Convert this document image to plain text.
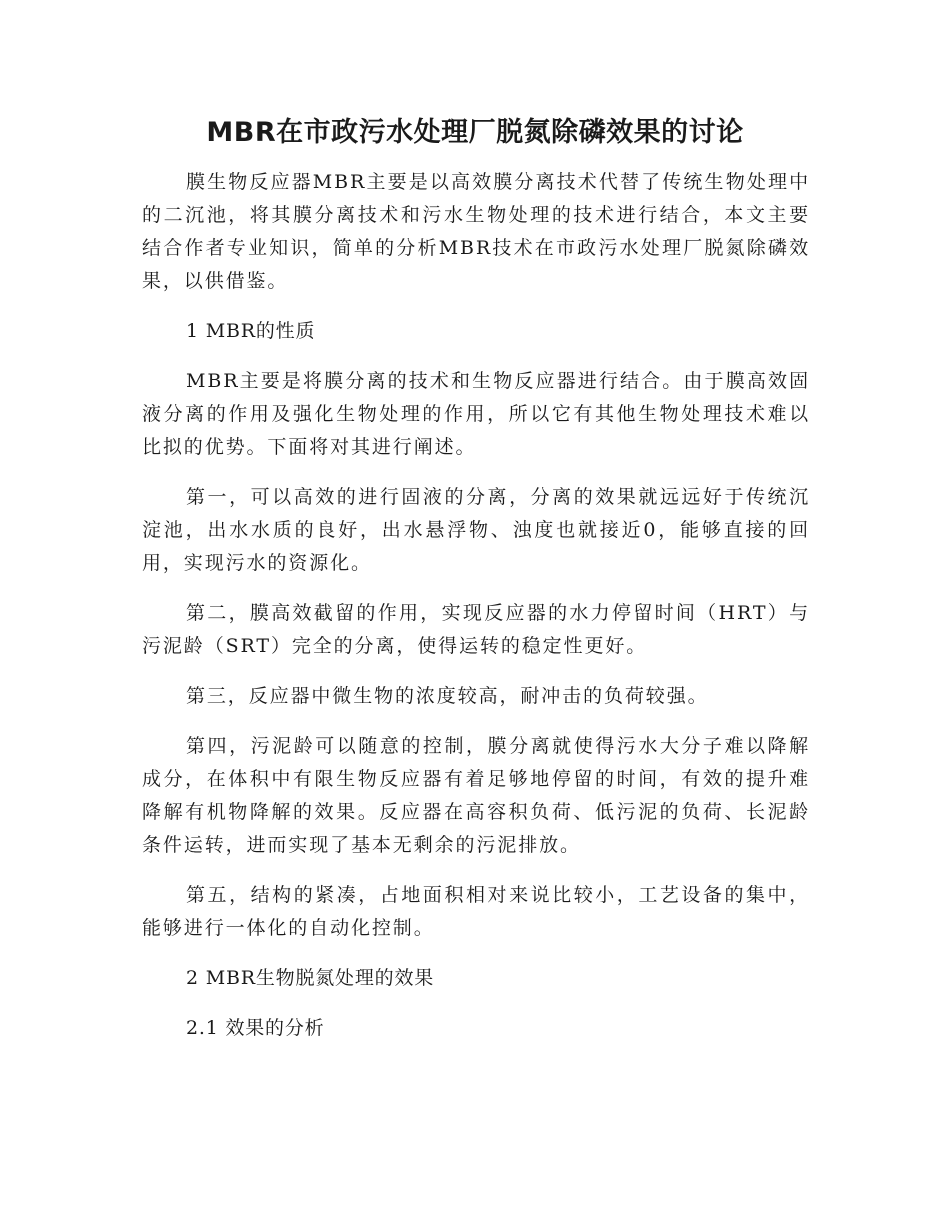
MBR在市政污水处理厂脱氮除磷效果的讨论

膜生物反应器MBR主要是以高效膜分离技术代替了传统生物处理中的二沉池，将其膜分离技术和污水生物处理的技术进行结合，本文主要结合作者专业知识，简单的分析MBR技术在市政污水处理厂脱氮除磷效果，以供借鉴。

1 MBR的性质

MBR主要是将膜分离的技术和生物反应器进行结合。由于膜高效固液分离的作用及强化生物处理的作用，所以它有其他生物处理技术难以比拟的优势。下面将对其进行阐述。

第一，可以高效的进行固液的分离，分离的效果就远远好于传统沉淀池，出水水质的良好，出水悬浮物、浊度也就接近0，能够直接的回用，实现污水的资源化。

第二，膜高效截留的作用，实现反应器的水力停留时间（HRT）与污泥龄（SRT）完全的分离，使得运转的稳定性更好。

第三，反应器中微生物的浓度较高，耐冲击的负荷较强。

第四，污泥龄可以随意的控制，膜分离就使得污水大分子难以降解成分，在体积中有限生物反应器有着足够地停留的时间，有效的提升难降解有机物降解的效果。反应器在高容积负荷、低污泥的负荷、长泥龄条件运转，进而实现了基本无剩余的污泥排放。

第五，结构的紧凑，占地面积相对来说比较小，工艺设备的集中，能够进行一体化的自动化控制。

2 MBR生物脱氮处理的效果

2.1 效果的分析
